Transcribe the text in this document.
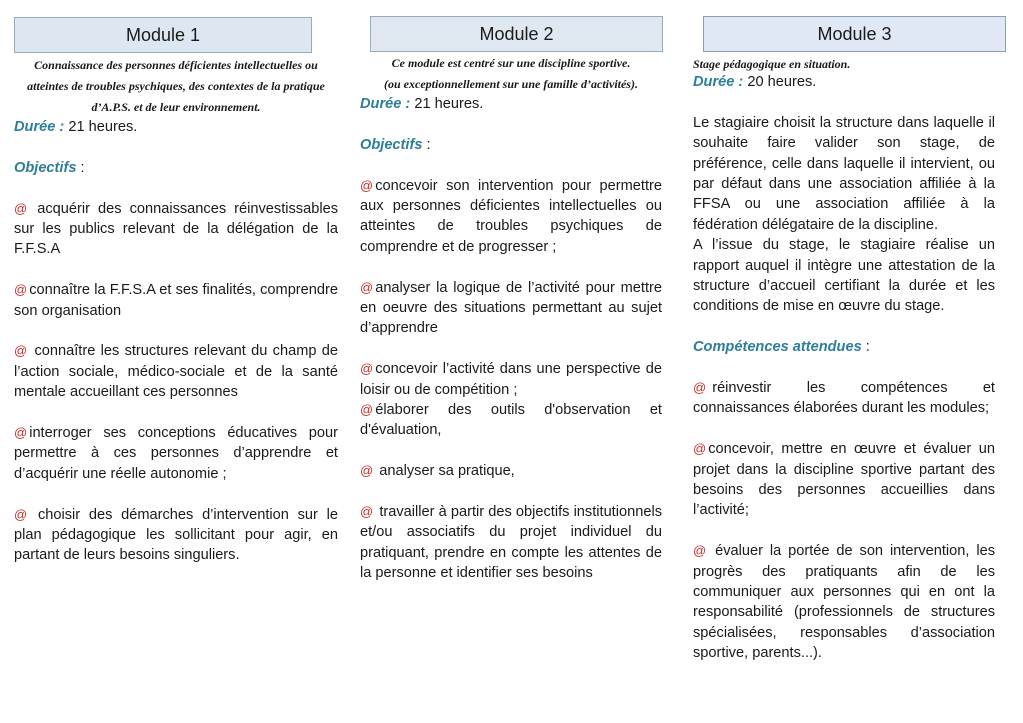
Module 1
Connaissance des personnes déficientes intellectuelles ou atteintes de troubles psychiques, des contextes de la pratique d’A.P.S. et de leur environnement.

Durée : 21 heures.

Objectifs :

@ acquérir des connaissances réinvestissables sur les publics relevant de la délégation de la F.F.S.A

@ connaître la F.F.S.A et ses finalités, comprendre son organisation

@ connaître les structures relevant du champ de l’action sociale, médico-sociale et de la santé mentale accueillant ces personnes

@ interroger ses conceptions éducatives pour permettre à ces personnes d’apprendre et d’acquérir une réelle autonomie ;

@ choisir des démarches d’intervention sur le plan pédagogique les sollicitant pour agir, en partant de leurs besoins singuliers.

Module 2
Ce module est centré sur une discipline sportive.
(ou exceptionnellement sur une famille d’activités).

Durée : 21 heures.

Objectifs :

@ concevoir son intervention pour permettre aux personnes déficientes intellectuelles ou atteintes de troubles psychiques de comprendre et de progresser ;

@ analyser la logique de l’activité pour mettre en oeuvre des situations permettant au sujet d’apprendre

@ concevoir l’activité dans une perspective de loisir ou de compétition ;

@ élaborer des outils d'observation et d'évaluation,

@ analyser sa pratique,

@ travailler à partir des objectifs institutionnels et/ou associatifs du projet individuel du pratiquant, prendre en compte les attentes de la personne et identifier ses besoins

Module 3
Stage pédagogique en situation.

Durée : 20 heures.

Le stagiaire choisit la structure dans laquelle il souhaite faire valider son stage, de préférence, celle dans laquelle il intervient, ou par défaut dans une association affiliée à la FFSA ou une association affiliée à la fédération délégataire de la discipline.

A l’issue du stage, le stagiaire réalise un rapport auquel il intègre une attestation de la structure d’accueil certifiant la durée et les conditions de mise en œuvre du stage.

Compétences attendues :

@ réinvestir les compétences et connaissances élaborées durant les modules;

@ concevoir, mettre en œuvre et évaluer un projet dans la discipline sportive partant des besoins des personnes accueillies dans l’activité;

@ évaluer la portée de son intervention, les progrès des pratiquants afin de les communiquer aux personnes qui en ont la responsabilité (professionnels de structures spécialisées, responsables d’association sportive, parents...).
